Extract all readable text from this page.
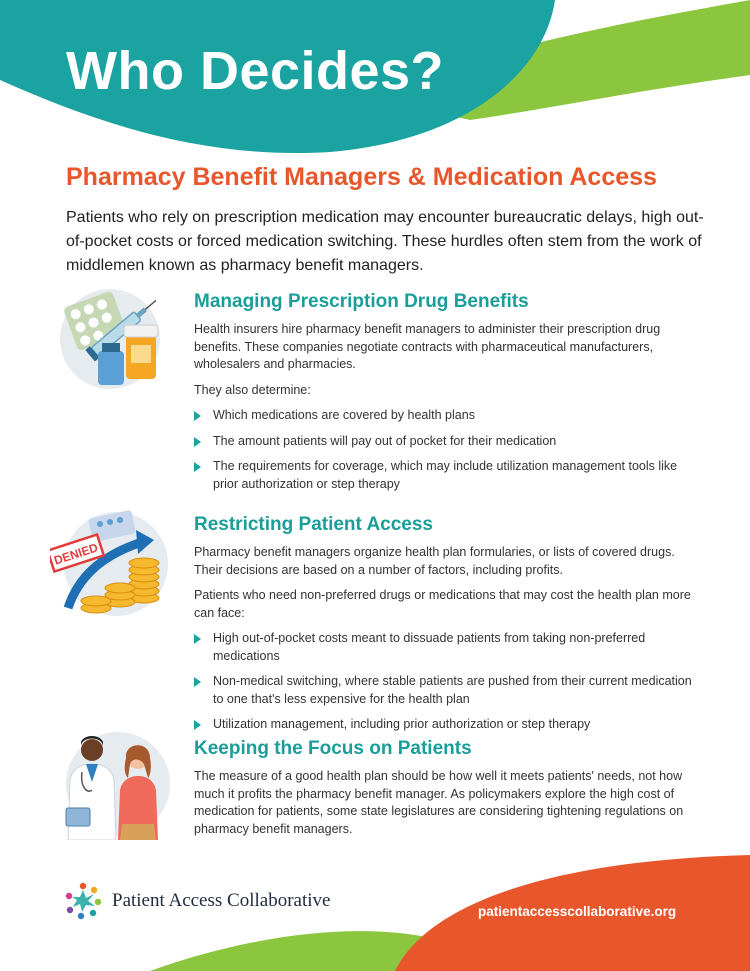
Who Decides?
Pharmacy Benefit Managers & Medication Access
Patients who rely on prescription medication may encounter bureaucratic delays, high out-of-pocket costs or forced medication switching. These hurdles often stem from the work of middlemen known as pharmacy benefit managers.
DENIED
Managing Prescription Drug Benefits

Health insurers hire pharmacy benefit managers to administer their prescription drug benefits. These companies negotiate contracts with pharmaceutical manufacturers, wholesalers and pharmacies.

They also determine:

Which medications are covered by health plans
The amount patients will pay out of pocket for their medication
The requirements for coverage, which may include utilization management tools like prior authorization or step therapy
Restricting Patient Access

Pharmacy benefit managers organize health plan formularies, or lists of covered drugs. Their decisions are based on a number of factors, including profits.

Patients who need non-preferred drugs or medications that may cost the health plan more can face:

High out-of-pocket costs meant to dissuade patients from taking non-preferred medications
Non-medical switching, where stable patients are pushed from their current medication to one that's less expensive for the health plan
Utilization management, including prior authorization or step therapy
Keeping the Focus on Patients

The measure of a good health plan should be how well it meets patients' needs, not how much it profits the pharmacy benefit manager. As policymakers explore the high cost of medication for patients, some state legislatures are considering tightening regulations on pharmacy benefit managers.

Patient Access Collaborative
patientaccesscollaborative.org
